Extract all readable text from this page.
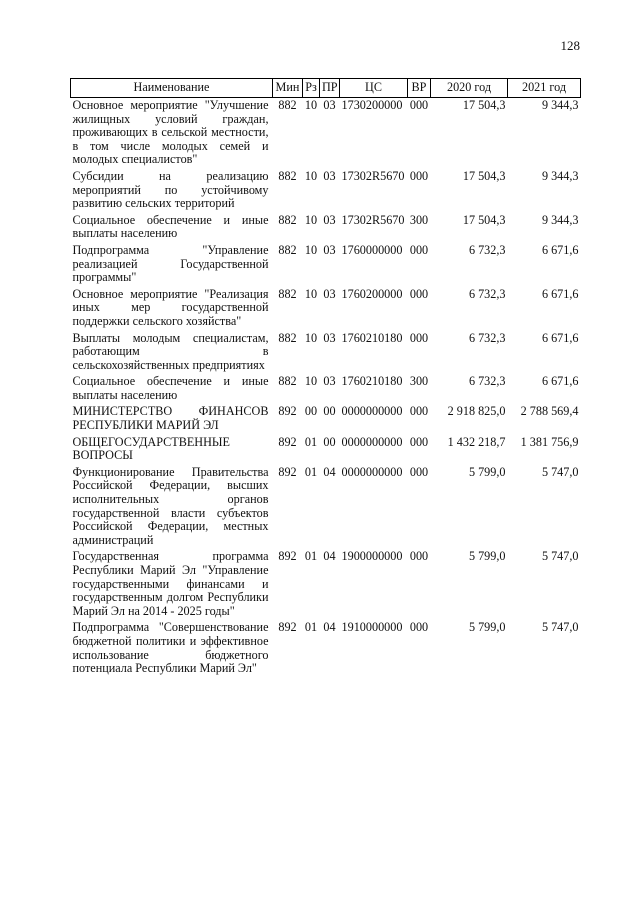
128
Наименование	Мин	Рз	ПР	ЦС	ВР	2020 год	2021 год
Основное мероприятие "Улучшение жилищных условий граждан, проживающих в сельской местности, в том числе молодых семей и молодых специалистов"	882	10	03	1730200000	000	17 504,3	9 344,3
Субсидии на реализацию мероприятий по устойчивому развитию сельских территорий	882	10	03	17302R5670	000	17 504,3	9 344,3
Социальное обеспечение и иные выплаты населению	882	10	03	17302R5670	300	17 504,3	9 344,3
Подпрограмма "Управление реализацией Государственной программы"	882	10	03	1760000000	000	6 732,3	6 671,6
Основное мероприятие "Реализация иных мер государственной поддержки сельского хозяйства"	882	10	03	1760200000	000	6 732,3	6 671,6
Выплаты молодым специалистам, работающим в сельскохозяйственных предприятиях	882	10	03	1760210180	000	6 732,3	6 671,6
Социальное обеспечение и иные выплаты населению	882	10	03	1760210180	300	6 732,3	6 671,6
МИНИСТЕРСТВО ФИНАНСОВ РЕСПУБЛИКИ МАРИЙ ЭЛ	892	00	00	0000000000	000	2 918 825,0	2 788 569,4
ОБЩЕГОСУДАРСТВЕННЫЕ ВОПРОСЫ	892	01	00	0000000000	000	1 432 218,7	1 381 756,9
Функционирование Правительства Российской Федерации, высших исполнительных органов государственной власти субъектов Российской Федерации, местных администраций	892	01	04	0000000000	000	5 799,0	5 747,0
Государственная программа Республики Марий Эл "Управление государственными финансами и государственным долгом Республики Марий Эл на 2014 - 2025 годы"	892	01	04	1900000000	000	5 799,0	5 747,0
Подпрограмма "Совершенствование бюджетной политики и эффективное использование бюджетного потенциала Республики Марий Эл"	892	01	04	1910000000	000	5 799,0	5 747,0
